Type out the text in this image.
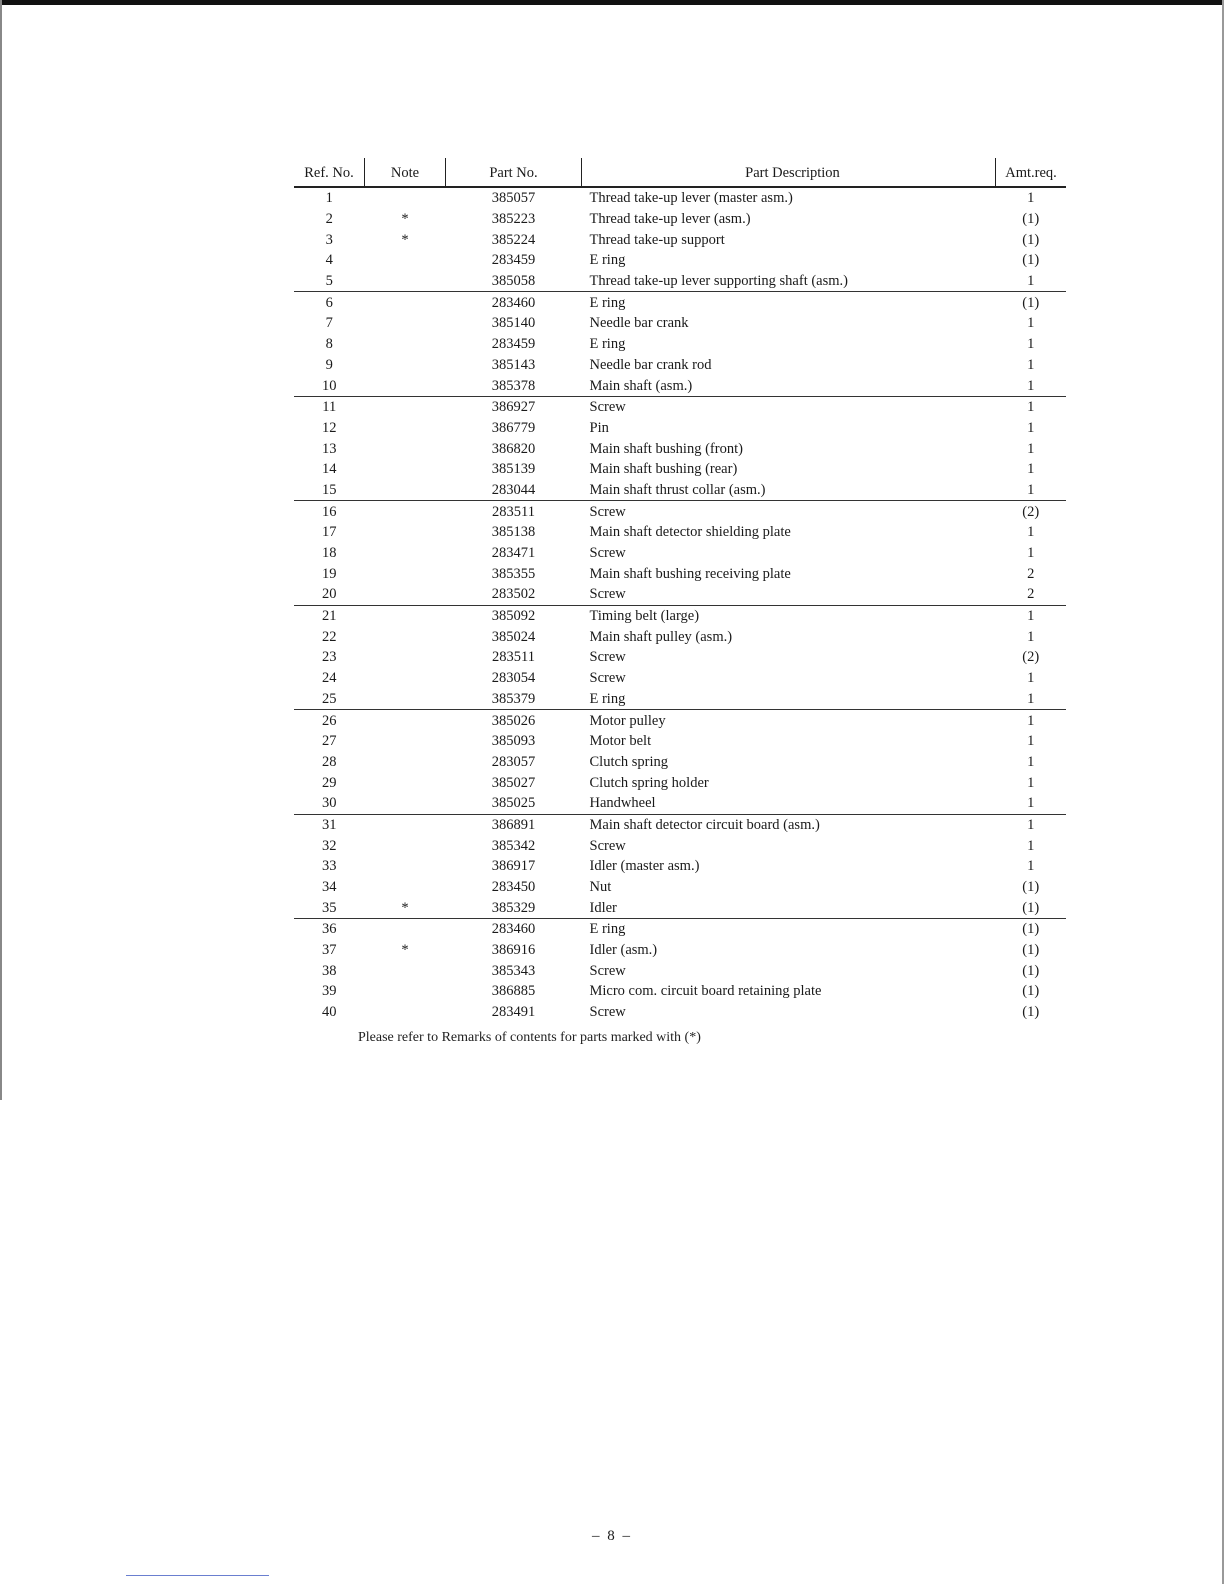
Ref. No.	Note	Part No.	Part Description	Amt.req.
1		385057	Thread take-up lever (master asm.)	1
2	*	385223	Thread take-up lever (asm.)	(1)
3	*	385224	Thread take-up support	(1)
4		283459	E ring	(1)
5		385058	Thread take-up lever supporting shaft (asm.)	1
6		283460	E ring	(1)
7		385140	Needle bar crank	1
8		283459	E ring	1
9		385143	Needle bar crank rod	1
10		385378	Main shaft (asm.)	1
11		386927	Screw	1
12		386779	Pin	1
13		386820	Main shaft bushing (front)	1
14		385139	Main shaft bushing (rear)	1
15		283044	Main shaft thrust collar (asm.)	1
16		283511	Screw	(2)
17		385138	Main shaft detector shielding plate	1
18		283471	Screw	1
19		385355	Main shaft bushing receiving plate	2
20		283502	Screw	2
21		385092	Timing belt (large)	1
22		385024	Main shaft pulley (asm.)	1
23		283511	Screw	(2)
24		283054	Screw	1
25		385379	E ring	1
26		385026	Motor pulley	1
27		385093	Motor belt	1
28		283057	Clutch spring	1
29		385027	Clutch spring holder	1
30		385025	Handwheel	1
31		386891	Main shaft detector circuit board (asm.)	1
32		385342	Screw	1
33		386917	Idler (master asm.)	1
34		283450	Nut	(1)
35	*	385329	Idler	(1)
36		283460	E ring	(1)
37	*	386916	Idler (asm.)	(1)
38		385343	Screw	(1)
39		386885	Micro com. circuit board retaining plate	(1)
40		283491	Screw	(1)
Please refer to Remarks of contents for parts marked with (*)
– 8 –
